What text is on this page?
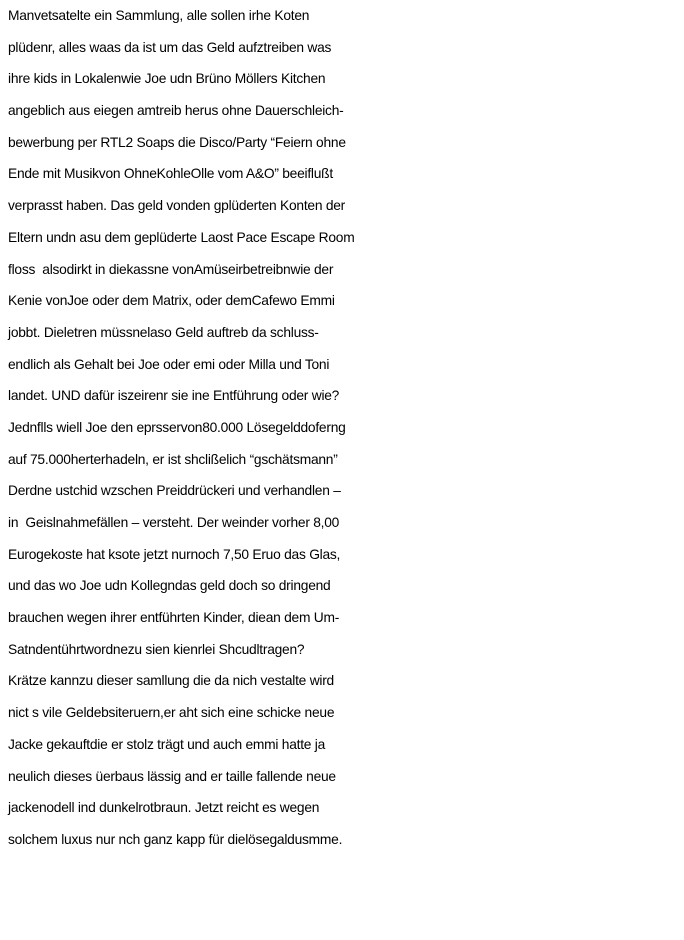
Manvetsatelte ein Sammlung, alle sollen irhe Koten
plüdenr, alles waas da ist um das Geld aufztreiben was
ihre kids in Lokalenwie Joe udn Brüno Möllers Kitchen
angeblich aus eiegen amtreib herus ohne Dauerschleich-
bewerbung per RTL2 Soaps die Disco/Party “Feiern ohne
Ende mit Musikvon OhneKohleOlle vom A&O” beeiflußt
verprasst haben. Das geld vonden gplüderten Konten der
Eltern undn asu dem geplüderte Laost Pace Escape Room
floss  alsodirkt in diekassne vonAmüseirbetreibnwie der
Kenie vonJoe oder dem Matrix, oder demCafewo Emmi
jobbt. Dieletren müssnelaso Geld auftreb da schluss-
endlich als Gehalt bei Joe oder emi oder Milla und Toni
landet. UND dafür iszeirenr sie ine Entführung oder wie?
Jednflls wiell Joe den eprsservon80.000 Lösegelddoferng
auf 75.000herterhadeln, er ist shclißelich “gschätsmann”
Derdne ustchid wzschen Preiddrückeri und verhandlen –
in  Geislnahmefällen – versteht. Der weinder vorher 8,00
Eurogekoste hat ksote jetzt nurnoch 7,50 Eruo das Glas,
und das wo Joe udn Kollegndas geld doch so dringend
brauchen wegen ihrer entführten Kinder, diean dem Um-
Satndentührtwordnezu sien kienrlei Shcudltragen?
Krätze kannzu dieser samllung die da nich vestalte wird
nict s vile Geldebsiteruern,er aht sich eine schicke neue
Jacke gekauftdie er stolz trägt und auch emmi hatte ja
neulich dieses üerbaus lässig and er taille fallende neue
jackenodell ind dunkelrotbraun. Jetzt reicht es wegen
solchem luxus nur nch ganz kapp für dielösegaldusmme.
